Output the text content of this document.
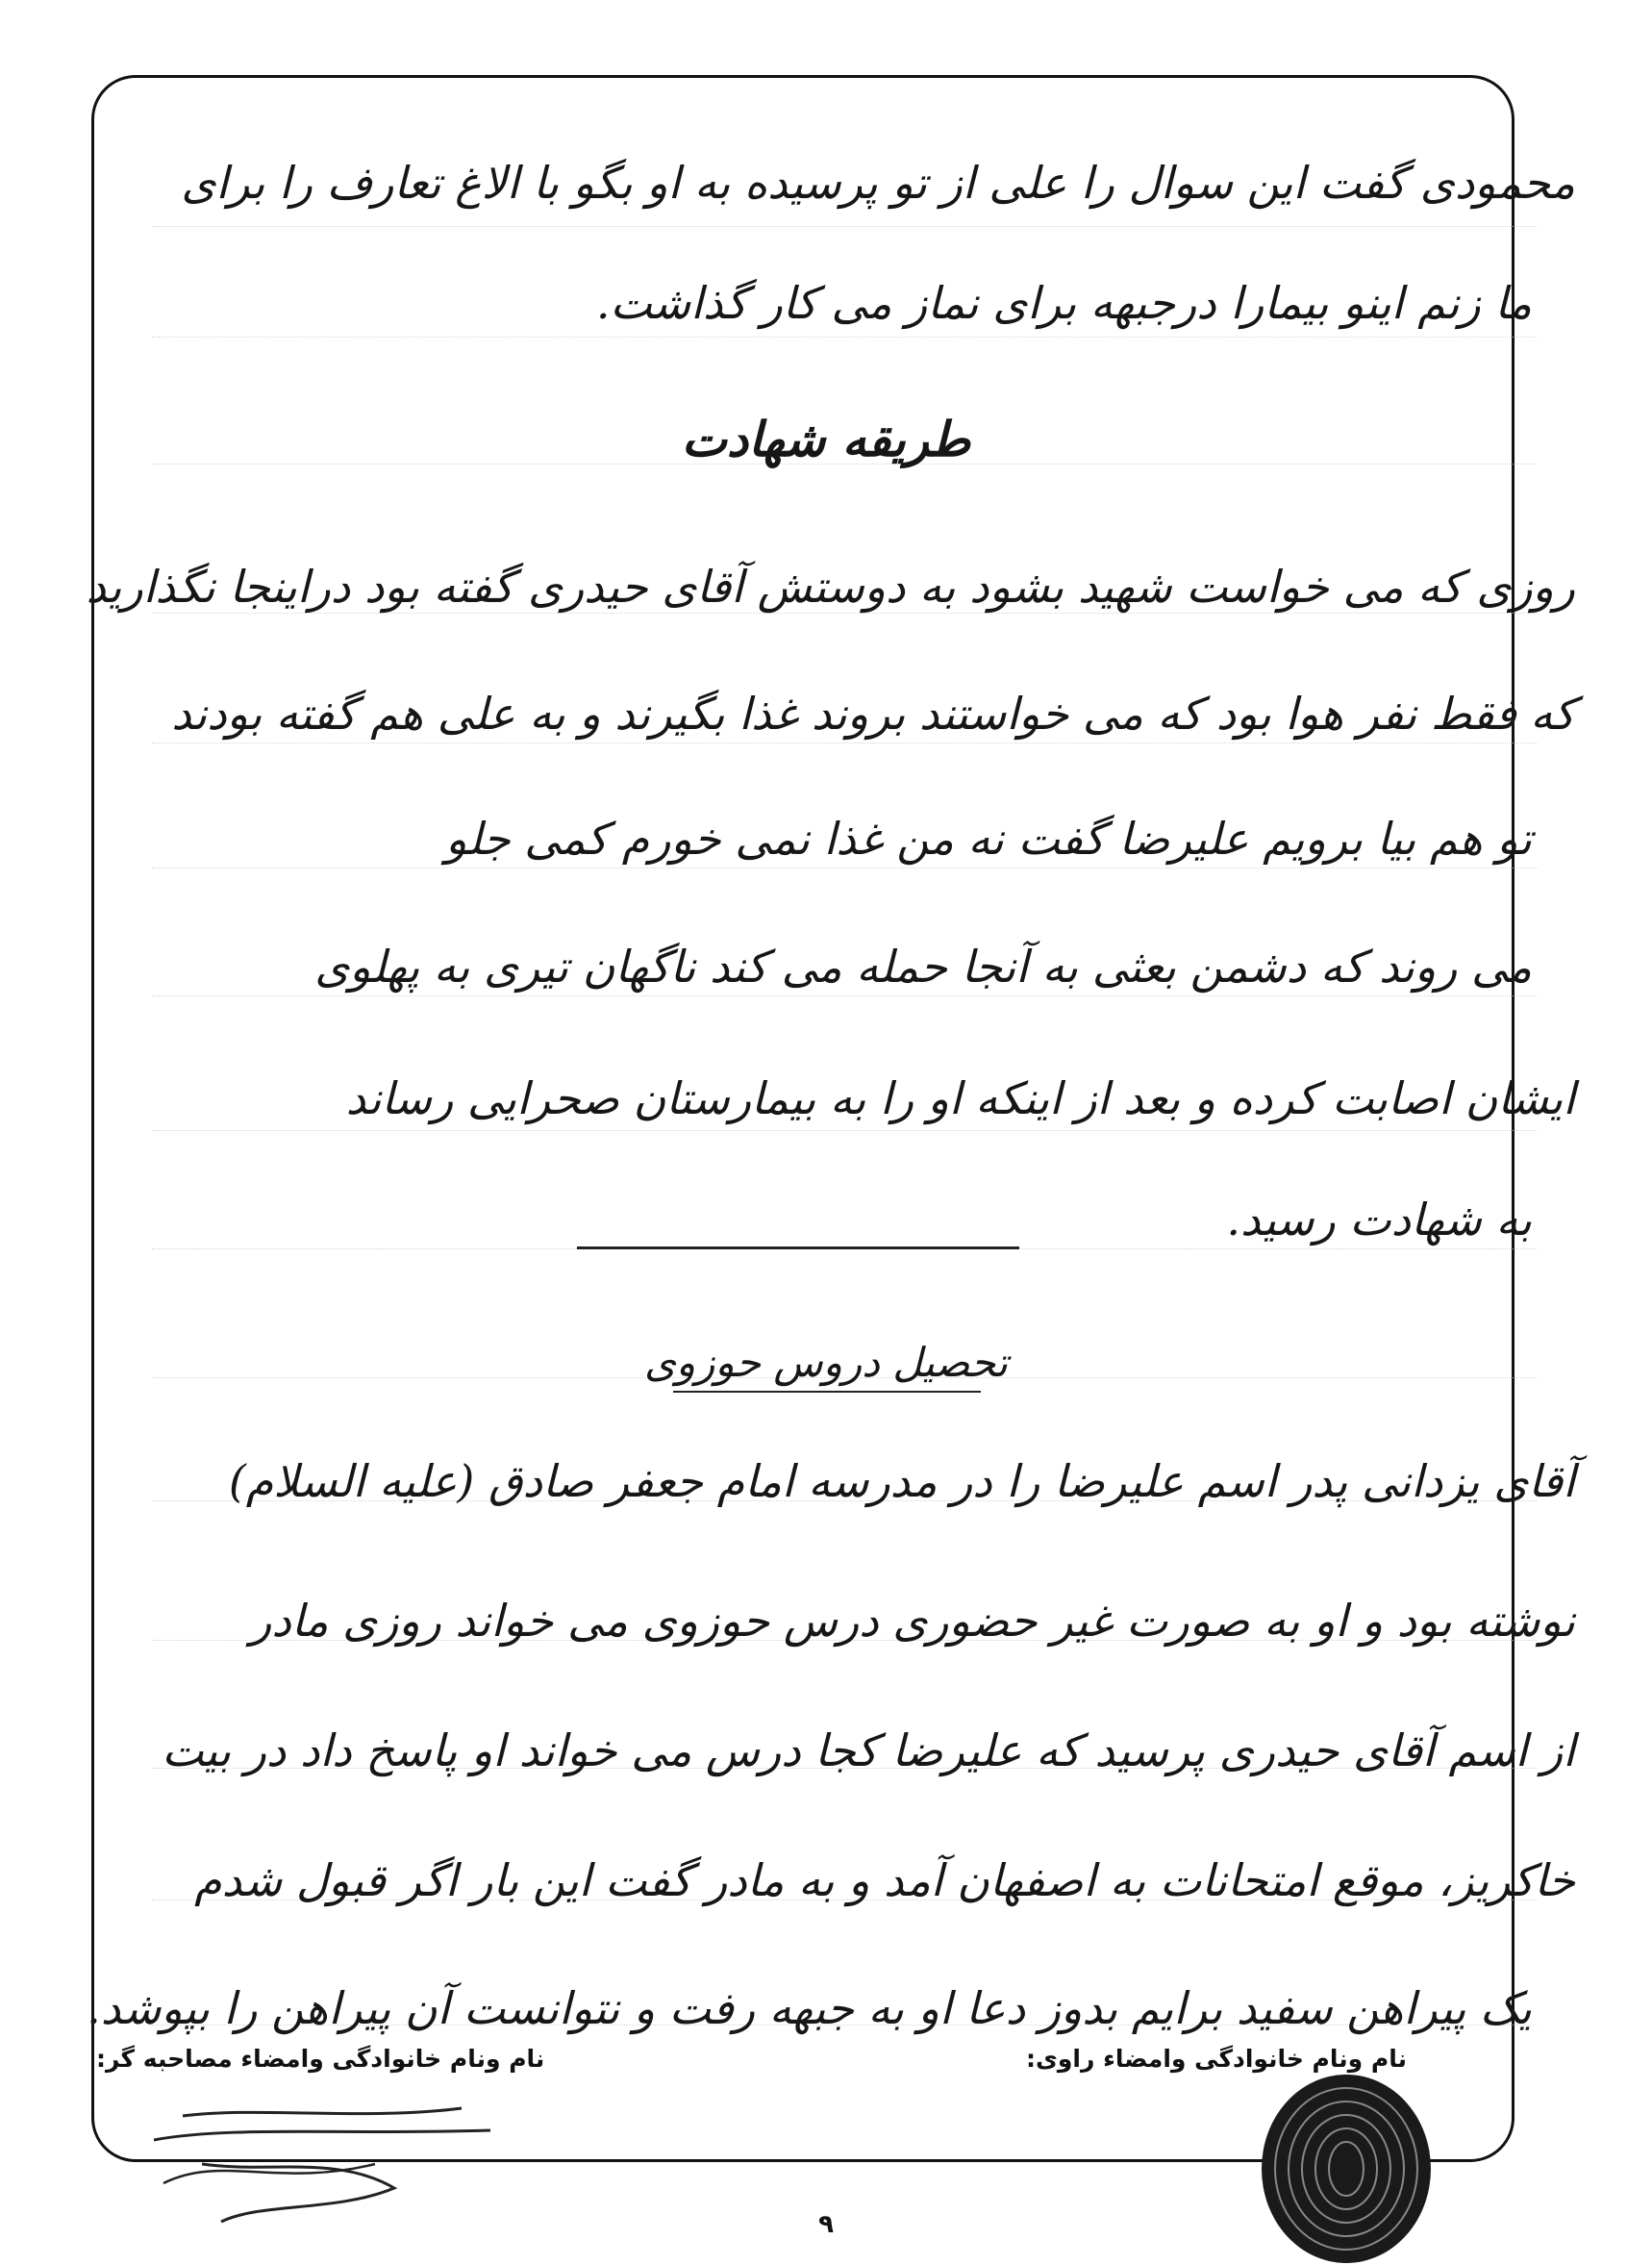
محمودی گفت این سوال را علی از تو پرسیده به او بگو با الاغ تعارف را برای
ما زنم اینو بیمارا درجبهه برای نماز می کار گذاشت.
طریقه شهادت
روزی که می خواست شهید بشود به دوستش آقای حیدری گفته بود دراینجا نگذارید
که فقط نفر هوا بود که می خواستند بروند غذا بگیرند و به علی هم گفته بودند
تو هم بیا برویم علیرضا گفت نه من غذا نمی خورم کمی جلو
می روند که دشمن بعثی به آنجا حمله می کند ناگهان تیری به پهلوی
ایشان اصابت کرده و بعد از اینکه او را به بیمارستان صحرایی رساند
به شهادت رسید.
تحصیل دروس حوزوی
آقای یزدانی پدر اسم علیرضا را در مدرسه امام جعفر صادق (علیه السلام)
نوشته بود و او به صورت غیر حضوری درس حوزوی می خواند روزی مادر
از اسم آقای حیدری پرسید که علیرضا کجا درس می خواند او پاسخ داد در بیت
خاکریز، موقع امتحانات به اصفهان آمد و به مادر گفت این بار اگر قبول شدم
یک پیراهن سفید برایم بدوز دعا او به جبهه رفت و نتوانست آن پیراهن را بپوشد.
نام ونام خانوادگی وامضاء مصاحبه گر:	نام ونام خانوادگی وامضاء راوی:
۹
